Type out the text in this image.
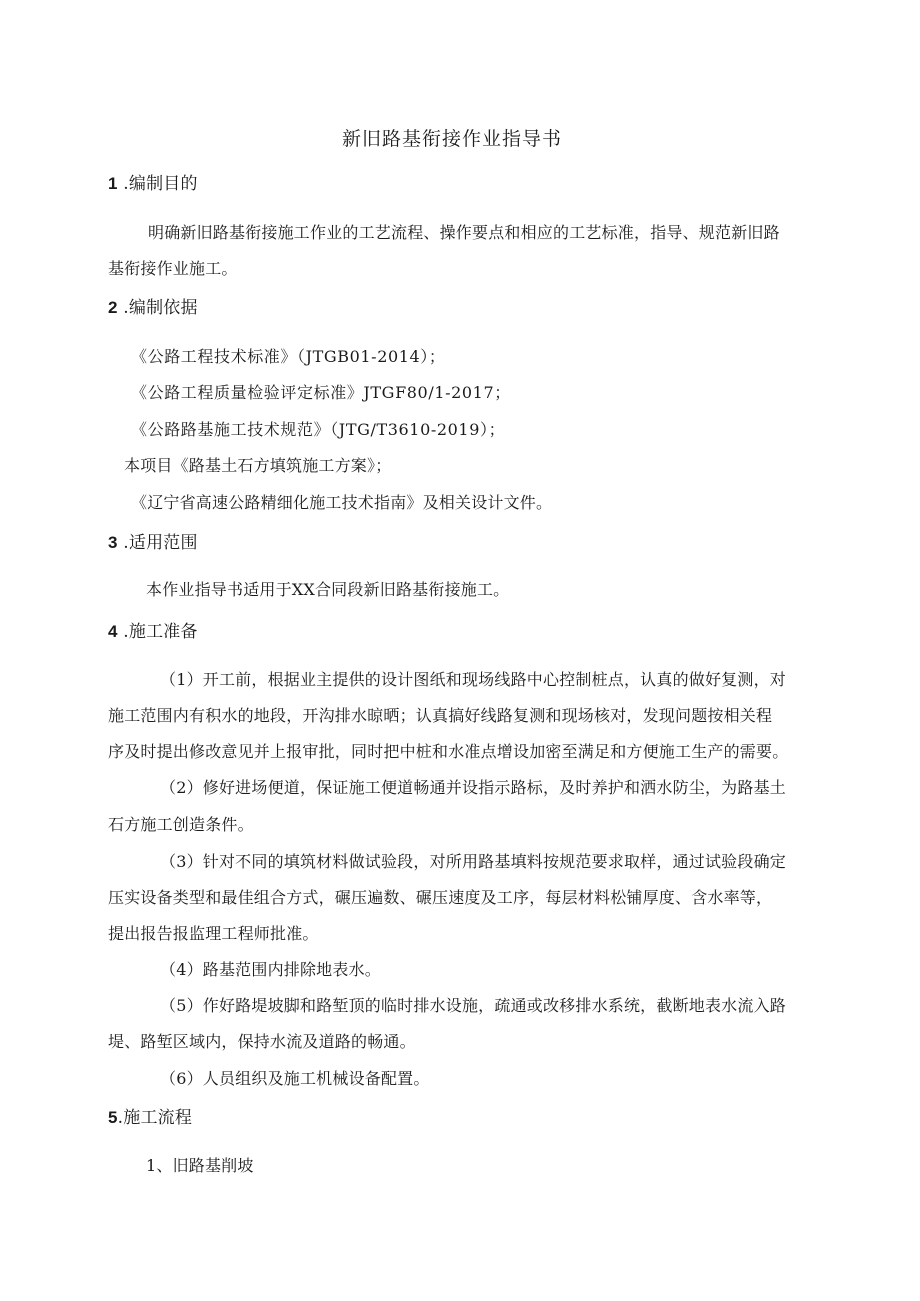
新旧路基衔接作业指导书
1 .编制目的
明确新旧路基衔接施工作业的工艺流程、操作要点和相应的工艺标准，指导、规范新旧路
基衔接作业施工。
2 .编制依据
《公路工程技术标准》（JTGB01-2014）；
《公路工程质量检验评定标准》JTGF80/1-2017；
《公路路基施工技术规范》（JTG/T3610-2019）；
本项目《路基土石方填筑施工方案》；
《辽宁省高速公路精细化施工技术指南》及相关设计文件。
3 .适用范围
本作业指导书适用于XX合同段新旧路基衔接施工。
4 .施工准备
（1）开工前，根据业主提供的设计图纸和现场线路中心控制桩点，认真的做好复测，对
施工范围内有积水的地段，开沟排水晾晒；认真搞好线路复测和现场核对，发现问题按相关程
序及时提出修改意见并上报审批，同时把中桩和水准点增设加密至满足和方便施工生产的需要。
（2）修好进场便道，保证施工便道畅通并设指示路标，及时养护和洒水防尘，为路基土
石方施工创造条件。
（3）针对不同的填筑材料做试验段，对所用路基填料按规范要求取样，通过试验段确定
压实设备类型和最佳组合方式，碾压遍数、碾压速度及工序，每层材料松铺厚度、含水率等，
提出报告报监理工程师批准。
（4）路基范围内排除地表水。
（5）作好路堤坡脚和路堑顶的临时排水设施，疏通或改移排水系统，截断地表水流入路
堤、路堑区域内，保持水流及道路的畅通。
（6）人员组织及施工机械设备配置。
5.施工流程
1、旧路基削坡
